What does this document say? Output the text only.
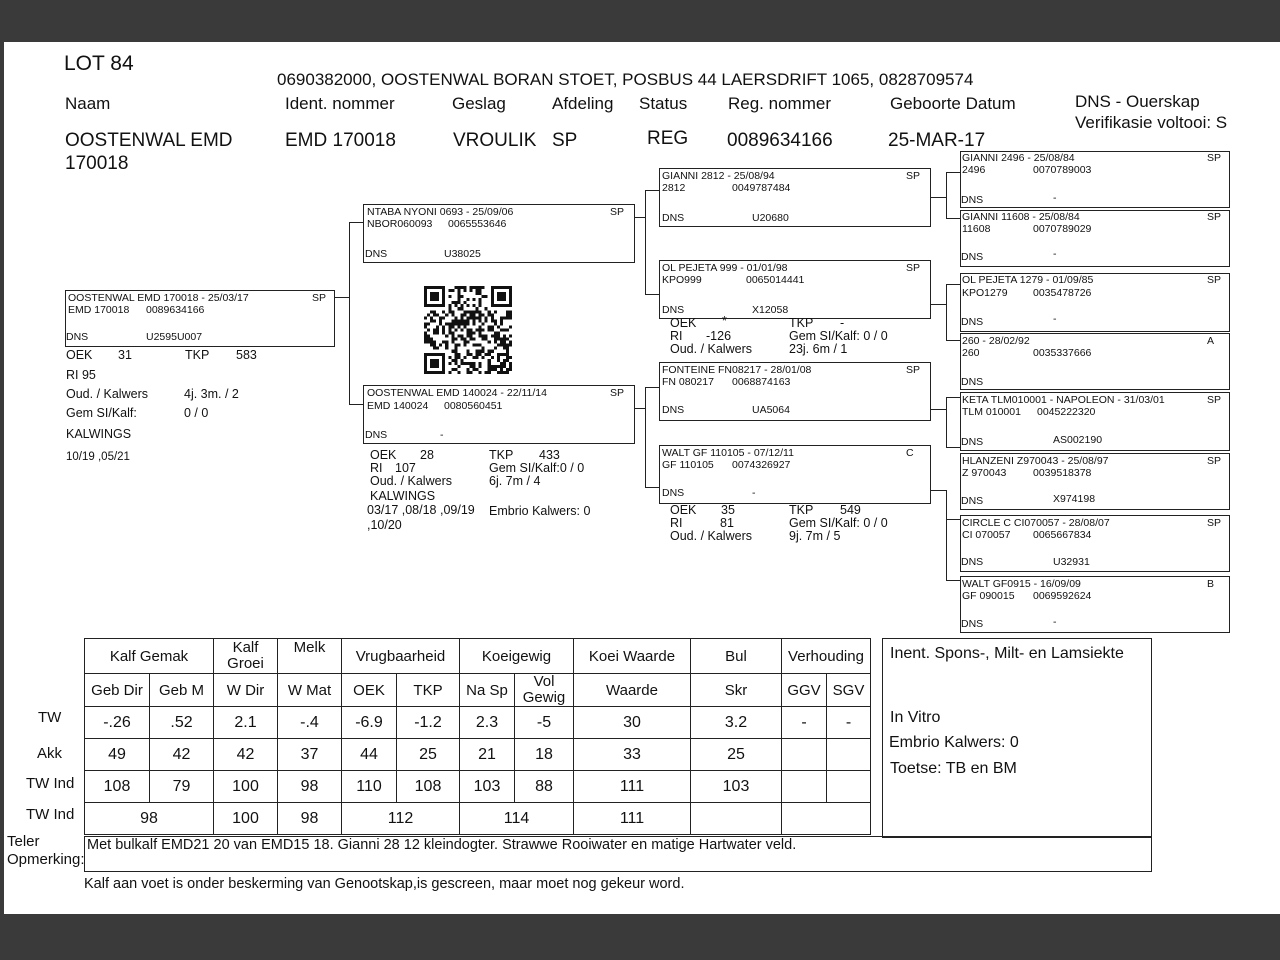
LOT 84
0690382000, OOSTENWAL BORAN STOET, POSBUS 44 LAERSDRIFT 1065, 0828709574
Naam	Ident. nommer	Geslag	Afdeling Status Reg. nommer	Geboorte Datum	DNS - Ouerskap
Verifikasie voltooi: S
OOSTENWAL EMD
170018
EMD 170018	VROULIK SP	REG 0089634166	25-MAR-17
OOSTENWAL EMD 170018 - 25/03/17	SP
EMD 170018 0089634166
DNS	U2595U007
OEK 31	TKP 583
RI 95
Oud. / Kalwers	4j. 3m. / 2
Gem SI/Kalf:	0 / 0
KALWINGS
10/19 ,05/21
NTABA NYONI 0693 - 25/09/06	SP
NBOR060093 0065553646
DNS	U38025
OOSTENWAL EMD 140024 - 22/11/14	SP
EMD 140024 0080560451
DNS	-
OEK 28	TKP 433
RI 107	Gem SI/Kalf:0 / 0
Oud. / Kalwers	6j. 7m / 4
KALWINGS
03/17 ,08/18 ,09/19
,10/20
Embrio Kalwers: 0
GIANNI 2812 - 25/08/94	SP
2812	0049787484
DNS	U20680
OL PEJETA 999 - 01/01/98	SP
KPO999	0065014441
DNS	X12058
FONTEINE FN08217 - 28/01/08	SP
FN 080217 0068874163
DNS	UA5064
WALT GF 110105 - 07/12/11	C
GF 110105 0074326927
DNS	-
OEK *	TKP -
RI -126	Gem SI/Kalf: 0 / 0
Oud. / Kalwers	23j. 6m / 1
OEK 35	TKP 549
RI	81	Gem SI/Kalf: 0 / 0
Oud. / Kalwers	9j. 7m / 5
GIANNI 2496 - 25/08/84	SP
2496	0070789003
DNS	-
GIANNI 11608 - 25/08/84	SP
11608	0070789029
DNS	-
OL PEJETA 1279 - 01/09/85	SP
KPO1279 0035478726
DNS	-
260 - 28/02/92	A
260	0035337666
DNS
KETA TLM010001 - NAPOLEON - 31/03/01	SP
TLM 010001 0045222320
DNS	AS002190
HLANZENI Z970043 - 25/08/97	SP
Z 970043	0039518378
DNS	X974198
CIRCLE C CI070057 - 28/08/07	SP
CI 070057 0065667834
DNS	U32931
WALT GF0915 - 16/09/09	B
GF 090015 0069592624
DNS	-
TW
Akk
TW Ind
TW Ind
Kalf Gemak		Kalf
Groei	Melk	Vrugbaarheid		Koeigewig		Koei Waarde	Bul	Verhouding	
Geb Dir	Geb M	W Dir	W Mat	OEK	TKP	Na Sp	Vol
Gewig	Waarde	Skr	GGV	SGV
-.26	.52	2.1	-.4	-6.9	-1.2	2.3	-5	30	3.2	-	-
49	42	42	37	44	25	21	18	33	25		
108	79	100	98	110	108	103	88	111	103		
98		100	98	112		114		111			
Inent. Spons-, Milt- en Lamsiekte
In Vitro
Embrio Kalwers: 0
Toetse: TB en BM
Teler
Opmerking:
Met bulkalf EMD21 20 van EMD15 18. Gianni 28 12 kleindogter. Strawwe Rooiwater en matige Hartwater veld.
Kalf aan voet is onder beskerming van Genootskap,is gescreen, maar moet nog gekeur word.
